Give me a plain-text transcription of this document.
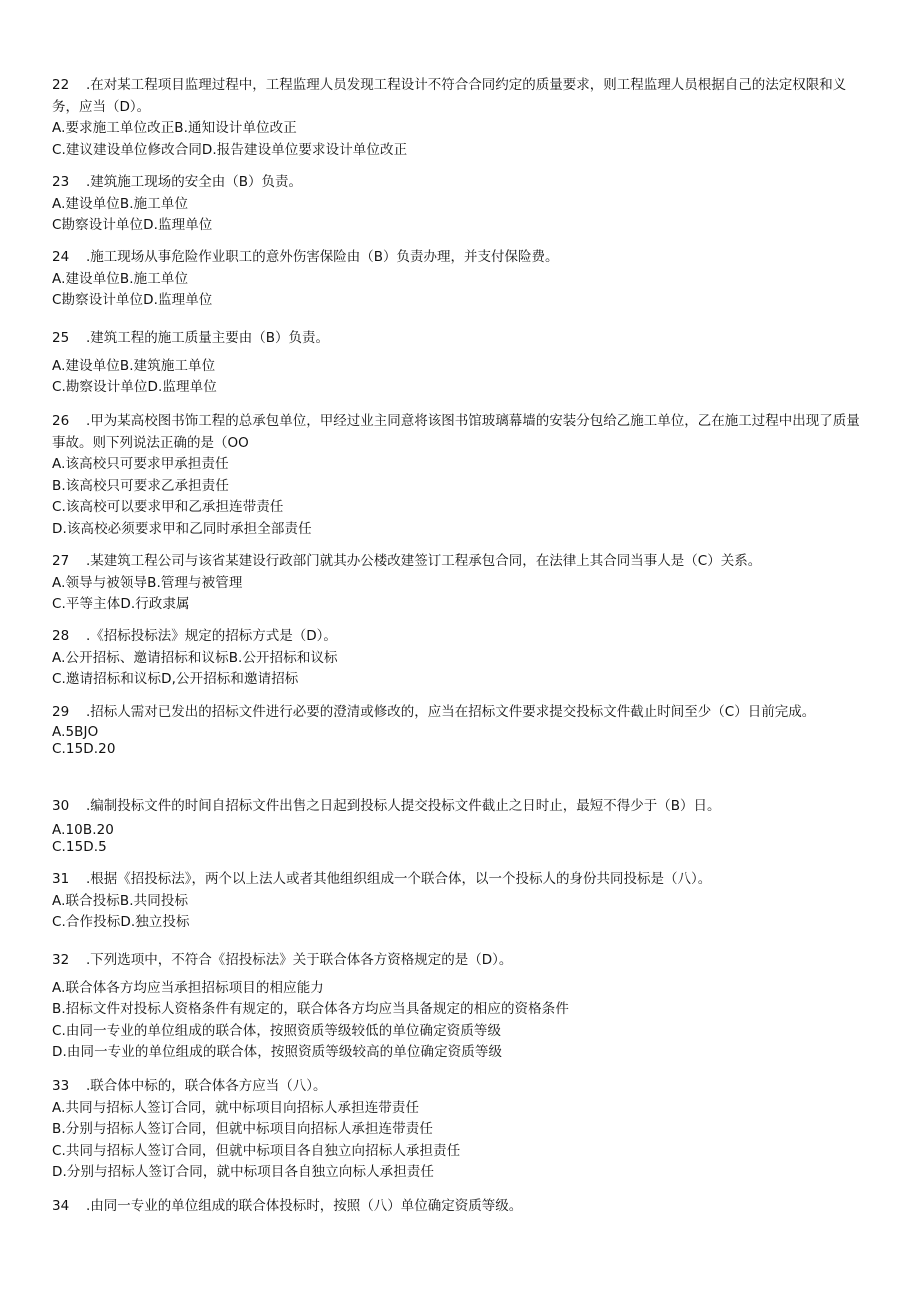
22 .在对某工程项目监理过程中，工程监理人员发现工程设计不符合合同约定的质量要求，则工程监理人员根据自己的法定权限和义务，应当（D）。
A.要求施工单位改正B.通知设计单位改正
C.建议建设单位修改合同D.报告建设单位要求设计单位改正
23 .建筑施工现场的安全由（B）负责。
A.建设单位B.施工单位
C勘察设计单位D.监理单位
24 .施工现场从事危险作业职工的意外伤害保险由（B）负责办理，并支付保险费。
A.建设单位B.施工单位
C勘察设计单位D.监理单位
25 .建筑工程的施工质量主要由（B）负责。
A.建设单位B.建筑施工单位
C.勘察设计单位D.监理单位
26 .甲为某高校图书饰工程的总承包单位，甲经过业主同意将该图书馆玻璃幕墙的安装分包给乙施工单位，乙在施工过程中出现了质量事故。则下列说法正确的是（OO
A.该高校只可要求甲承担责任
B.该高校只可要求乙承担责任
C.该高校可以要求甲和乙承担连带责任
D.该高校必须要求甲和乙同时承担全部责任
27 .某建筑工程公司与该省某建设行政部门就其办公楼改建签订工程承包合同，在法律上其合同当事人是（C）关系。
A.领导与被领导B.管理与被管理
C.平等主体D.行政隶属
28 .《招标投标法》规定的招标方式是（D）。
A.公开招标、邀请招标和议标B.公开招标和议标
C.邀请招标和议标D,公开招标和邀请招标
29 .招标人需对已发出的招标文件进行必要的澄清或修改的，应当在招标文件要求提交投标文件截止时间至少（C）日前完成。
A.5BJO
C.15D.20
30 .编制投标文件的时间自招标文件出售之日起到投标人提交投标文件截止之日时止，最短不得少于（B）日。
A.10B.20
C.15D.5
31 .根据《招投标法》，两个以上法人或者其他组织组成一个联合体，以一个投标人的身份共同投标是（八）。
A.联合投标B.共同投标
C.合作投标D.独立投标
32 .下列选项中，不符合《招投标法》关于联合体各方资格规定的是（D）。
A.联合体各方均应当承担招标项目的相应能力
B.招标文件对投标人资格条件有规定的，联合体各方均应当具备规定的相应的资格条件
C.由同一专业的单位组成的联合体，按照资质等级较低的单位确定资质等级
D.由同一专业的单位组成的联合体，按照资质等级较高的单位确定资质等级
33 .联合体中标的，联合体各方应当（八）。
A.共同与招标人签订合同，就中标项目向招标人承担连带责任
B.分别与招标人签订合同，但就中标项目向招标人承担连带责任
C.共同与招标人签订合同，但就中标项目各自独立向招标人承担责任
D.分别与招标人签订合同，就中标项目各自独立向标人承担责任
34 .由同一专业的单位组成的联合体投标时，按照（八）单位确定资质等级。
